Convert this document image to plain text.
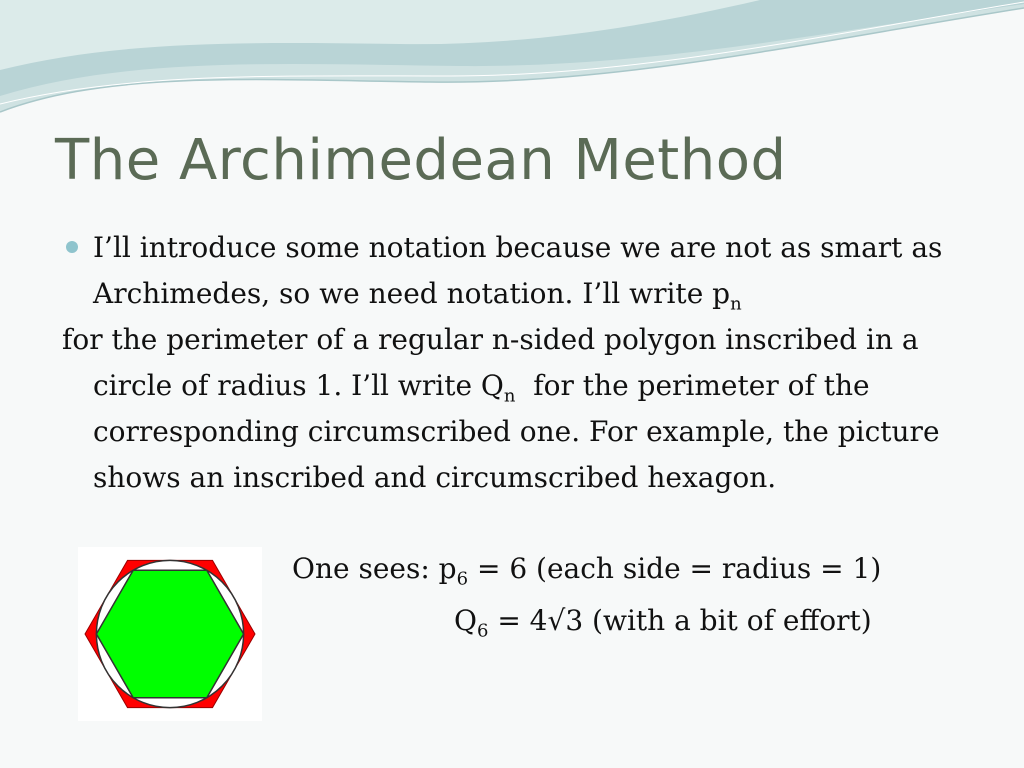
The Archimedean Method
I’ll introduce some notation because we are not as smart as Archimedes, so we need notation. I’ll write $p_n$
for the perimeter of a regular n-sided polygon inscribed in a circle of radius 1. I’ll write $Q_n$  for the perimeter of the corresponding circumscribed one. For example, the picture shows an inscribed and circumscribed hexagon.
One sees: $p_6 = 6$ (each side = radius = 1)
$Q_6 = 4√3$ (with a bit of effort)
